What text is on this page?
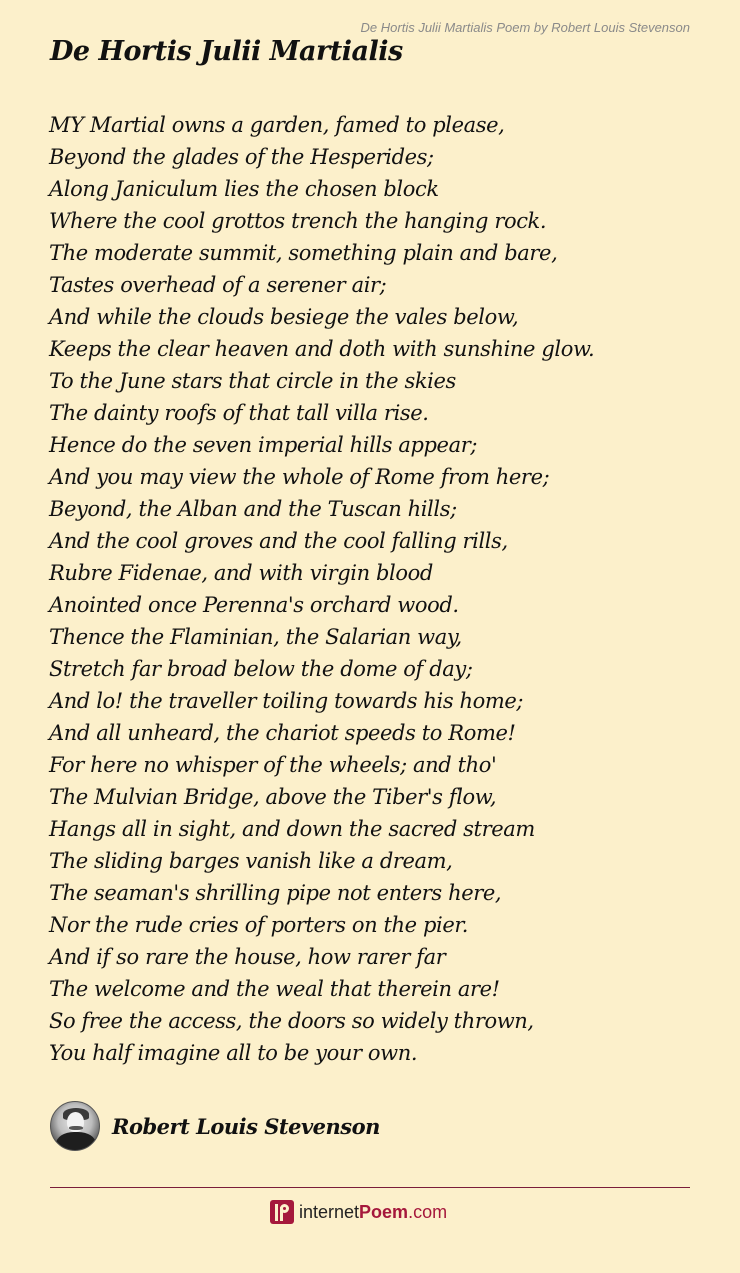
De Hortis Julii Martialis Poem by Robert Louis Stevenson
De Hortis Julii Martialis
MY Martial owns a garden, famed to please,
Beyond the glades of the Hesperides;
Along Janiculum lies the chosen block
Where the cool grottos trench the hanging rock.
The moderate summit, something plain and bare,
Tastes overhead of a serener air;
And while the clouds besiege the vales below,
Keeps the clear heaven and doth with sunshine glow.
To the June stars that circle in the skies
The dainty roofs of that tall villa rise.
Hence do the seven imperial hills appear;
And you may view the whole of Rome from here;
Beyond, the Alban and the Tuscan hills;
And the cool groves and the cool falling rills,
Rubre Fidenae, and with virgin blood
Anointed once Perenna's orchard wood.
Thence the Flaminian, the Salarian way,
Stretch far broad below the dome of day;
And lo! the traveller toiling towards his home;
And all unheard, the chariot speeds to Rome!
For here no whisper of the wheels; and tho'
The Mulvian Bridge, above the Tiber's flow,
Hangs all in sight, and down the sacred stream
The sliding barges vanish like a dream,
The seaman's shrilling pipe not enters here,
Nor the rude cries of porters on the pier.
And if so rare the house, how rarer far
The welcome and the weal that therein are!
So free the access, the doors so widely thrown,
You half imagine all to be your own.
Robert Louis Stevenson
internetPoem.com
